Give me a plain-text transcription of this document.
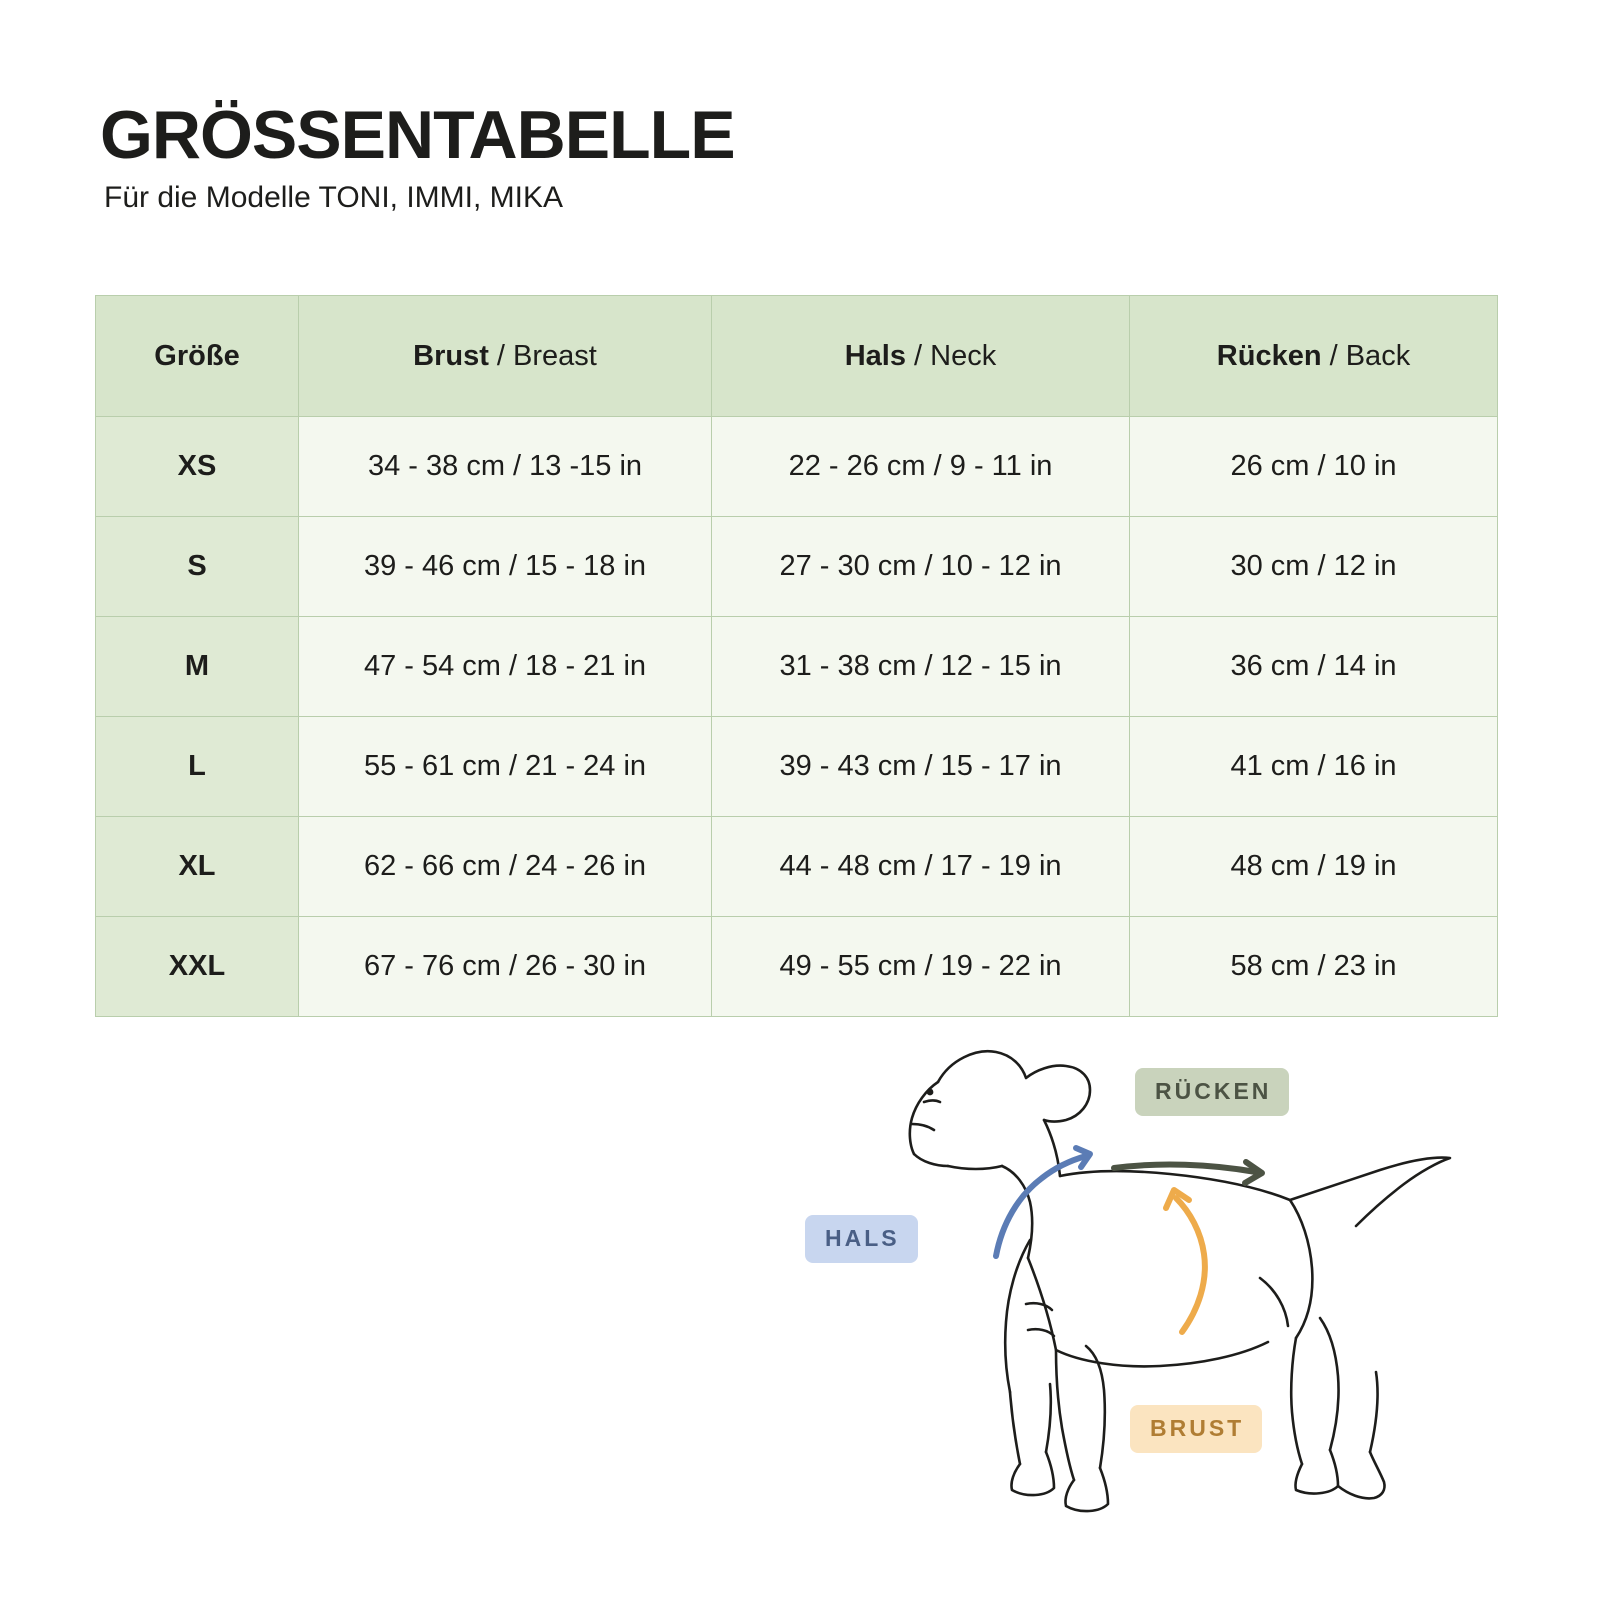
GRÖSSENTABELLE
Für die Modelle TONI, IMMI, MIKA
Größe	Brust / Breast	Hals / Neck	Rücken / Back
XS	34 - 38 cm / 13 -15 in	22 - 26 cm / 9 - 11 in	26 cm / 10 in
S	39 - 46 cm / 15 - 18 in	27 - 30 cm / 10 - 12 in	30 cm / 12 in
M	47 - 54 cm / 18 - 21 in	31 - 38 cm / 12 - 15 in	36 cm / 14 in
L	55 - 61 cm / 21 - 24 in	39 - 43 cm / 15 - 17 in	41 cm / 16 in
XL	62 - 66 cm / 24 - 26 in	44 - 48 cm / 17 - 19 in	48 cm / 19 in
XXL	67 - 76 cm / 26 - 30 in	49 - 55 cm / 19 - 22 in	58 cm / 23 in
RÜCKEN
HALS
BRUST
